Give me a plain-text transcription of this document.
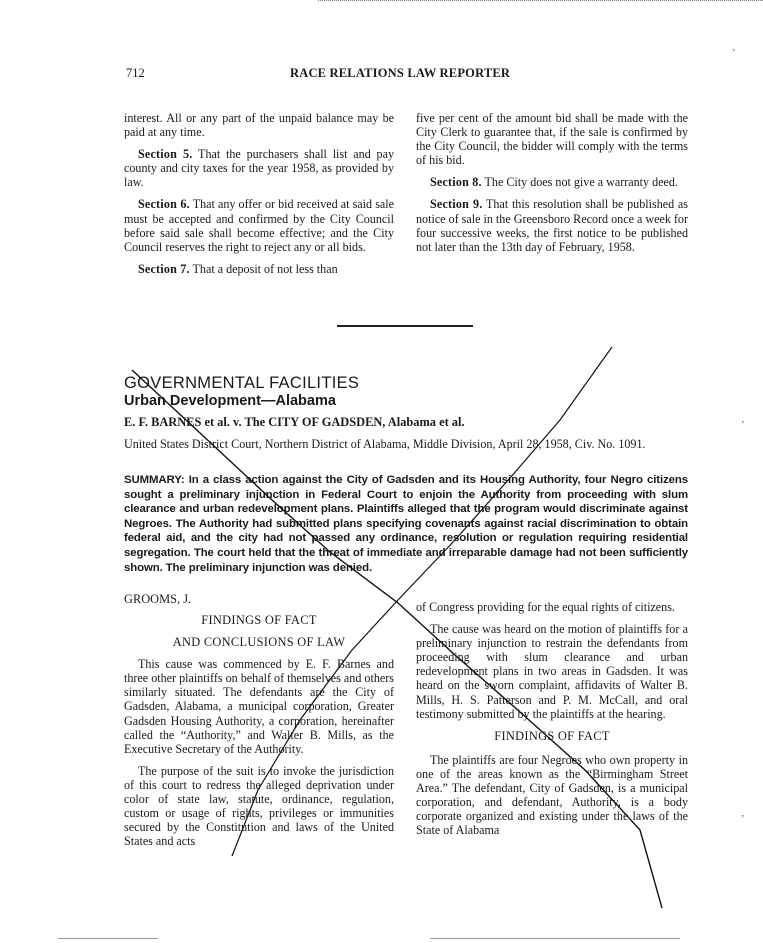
712	RACE RELATIONS LAW REPORTER

interest. All or any part of the unpaid balance may be paid at any time.

Section 5. That the purchasers shall list and pay county and city taxes for the year 1958, as provided by law.

Section 6. That any offer or bid received at said sale must be accepted and confirmed by the City Council before said sale shall become effective; and the City Council reserves the right to reject any or all bids.

Section 7. That a deposit of not less than

five per cent of the amount bid shall be made with the City Clerk to guarantee that, if the sale is confirmed by the City Council, the bidder will comply with the terms of his bid.

Section 8. The City does not give a warranty deed.

Section 9. That this resolution shall be published as notice of sale in the Greensboro Record once a week for four successive weeks, the first notice to be published not later than the 13th day of February, 1958.

GOVERNMENTAL FACILITIES
Urban Development—Alabama
E. F. BARNES et al. v. The CITY OF GADSDEN, Alabama et al.
United States District Court, Northern District of Alabama, Middle Division, April 28, 1958, Civ. No. 1091.
SUMMARY: In a class action against the City of Gadsden and its Housing Authority, four Negro citizens sought a preliminary injunction in Federal Court to enjoin the Authority from proceeding with slum clearance and urban redevelopment plans. Plaintiffs alleged that the program would discriminate against Negroes. The Authority had submitted plans specifying covenants against racial discrimination to obtain federal aid, and the city had not passed any ordinance, resolution or regulation requiring residential segregation. The court held that the threat of immediate and irreparable damage had not been sufficiently shown. The preliminary injunction was denied.
GROOMS, J.

FINDINGS OF FACT

AND CONCLUSIONS OF LAW

This cause was commenced by E. F. Barnes and three other plaintiffs on behalf of themselves and others similarly situated. The defendants are the City of Gadsden, Alabama, a municipal corporation, Greater Gadsden Housing Authority, a corporation, hereinafter called the “Authority,” and Walter B. Mills, as the Executive Secretary of the Authority.

The purpose of the suit is to invoke the jurisdiction of this court to redress the alleged deprivation under color of state law, statute, ordinance, regulation, custom or usage of rights, privileges or immunities secured by the Constitution and laws of the United States and acts

of Congress providing for the equal rights of citizens.

The cause was heard on the motion of plaintiffs for a preliminary injunction to restrain the defendants from proceeding with slum clearance and urban redevelopment plans in two areas in Gadsden. It was heard on the sworn complaint, affidavits of Walter B. Mills, H. S. Patterson and P. M. McCall, and oral testimony submitted by the plaintiffs at the hearing.

FINDINGS OF FACT

The plaintiffs are four Negroes who own property in one of the areas known as the “Birmingham Street Area.” The defendant, City of Gadsden, is a municipal corporation, and defendant, Authority, is a body corporate organized and existing under the laws of the State of Alabama

'
'
'
